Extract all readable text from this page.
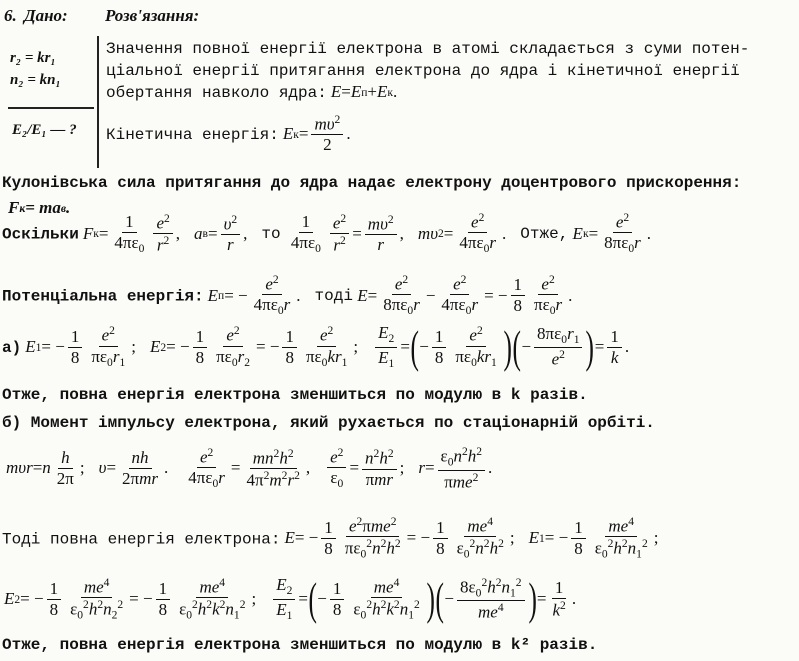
6. Дано: Розв'язання:
r₂ = kr₁
n₂ = kn₁
E₂/E₁ — ?
Значення повної енергії електрона в атомі складається з суми потен-
ціальної енергії притягання електрона до ядра і кінетичної енергії
обертання навколо ядра: E = E п + E к .
Кінетична енергія: E $к = \frac{m\upsilon^2}{2}$ .
Кулонівська сила притягання до ядра надає електрону доцентрового прискорення:
F к = ma в .
Оскільки F $к = \frac{1}{4\pi\varepsilon_0} \frac{e^2}{r^2}$ , a $в = \frac{\upsilon^2}{r}$ , то
$\frac{1}{4\pi\varepsilon_0} \frac{e^2}{r^2} = \frac{m\upsilon^2}{r}$ , mυ $2 = \frac{e^2}{4\pi\varepsilon_0r}$ . Отже,
E $к = \frac{e^2}{8\pi\varepsilon_0r}$ .
Потенціальна енергія: E п = − $\frac{e^2}{4\pi\varepsilon_0r}$ . тоді
$E = \frac{e^2}{8\pi\varepsilon_0r} - \frac{e^2}{4\pi\varepsilon_0r}$ = − $\frac{1}{8} \frac{e^2}{\pi\varepsilon_0r}$ .
а) E 1 = − $\frac{1}{8} \frac{e^2}{\pi\varepsilon_0r_1}$ ; E 2 = − $\frac{1}{8} \frac{e^2}{\pi\varepsilon_0r_2}$ = − $\frac{1}{8} \frac{e^2}{\pi\varepsilon_0kr_1}$ ; $\frac{E_2}{E_1}$ = ( − $\frac{1}{8} \frac{e^2}{\pi\varepsilon_0kr_1}$ ) ( − $\frac{8\pi\varepsilon_0r_1}{e^2}$ ) = $\frac{1}{k}$ .
Отже, повна енергія електрона зменшиться по модулю в k разів.
б) Момент імпульсу електрона, який рухається по стаціонарній орбіті.
mυr = n $\frac{h}{2\pi}$ ; $\upsilon = \frac{nh}{\text{2πmr}}$ . $\frac{e^2}{4\pi\varepsilon_0r} = \frac{mn^2h^2}{4\pi^2m^2r^2}$ , $\frac{e^2}{\varepsilon_0} = \frac{n^2h^2}{\text{πmr}}$ ; $r = \frac{\varepsilon_0n^2h^2}{\pi me^2}$ .
Тоді повна енергія електрона: E = − $\frac{1}{8} \frac{e^2\pi me^2}{\pi\varepsilon_0^2n^2h^2}$ = − $\frac{1}{8} \frac{me^4}{\varepsilon_0^2n^2h^2}$ ; E 1 = − $\frac{1}{8} \frac{me^4}{\varepsilon_0^2h^2n_1^2}$ ;
E 2 = − $\frac{1}{8} \frac{me^4}{\varepsilon_0^2h^2n_2^2}$ = − $\frac{1}{8} \frac{me^4}{\varepsilon_0^2h^2k^2n_1^2}$ ; $\frac{E_2}{E_1}$ = ( − $\frac{1}{8} \frac{me^4}{\varepsilon_0^2h^2k^2n_1^2}$ ) ( − $\frac{8\varepsilon_0^2h^2n_1^2}{me^4}$ ) = $\frac{1}{k^2}$ .
Отже, повна енергія електрона зменшиться по модулю в k² разів.
